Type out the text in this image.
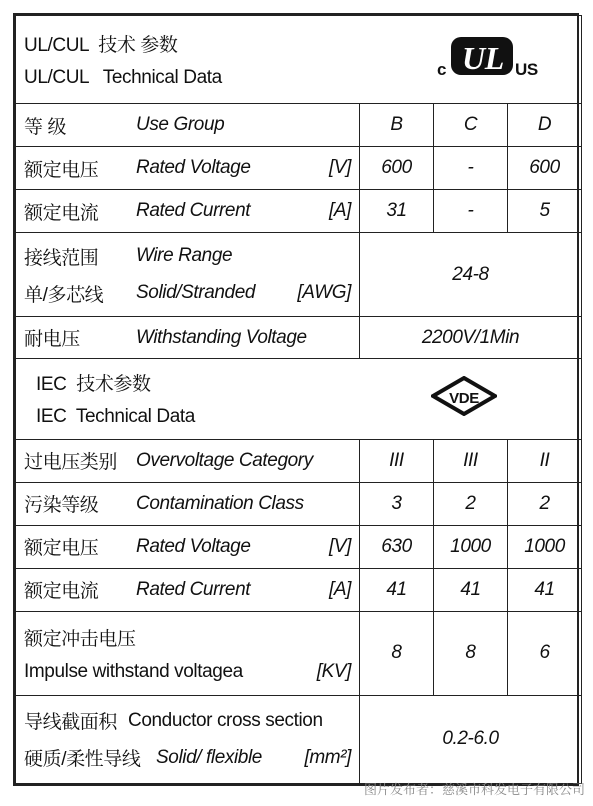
UL/CUL  技术 参数
UL/CUL   Technical Data c UL US			

等 级 Use Group	B	C	D

额定电压 Rated Voltage [V]	600	-	600

额定电流 Rated Current [A]	31	-	5

接线范围 Wire Range
单/多芯线 Solid/Stranded [AWG]	24-8		

耐电压 Withstanding Voltage	2200V/1Min		

IEC  技术参数
IEC  Technical Data
VDE			

过电压类别 Overvoltage Category	III	III	II

污染等级 Contamination Class	3	2	2

额定电压 Rated Voltage [V]	630	1000	1000

额定电流 Rated Current [A]	41	41	41

额定冲击电压
Impulse withstand voltagea [KV]	8	8	6

导线截面积 Conductor cross section
硬质/柔性导线 Solid/ flexible [mm²]	0.2-6.0		
图片发布者：慈溪市科发电子有限公司
